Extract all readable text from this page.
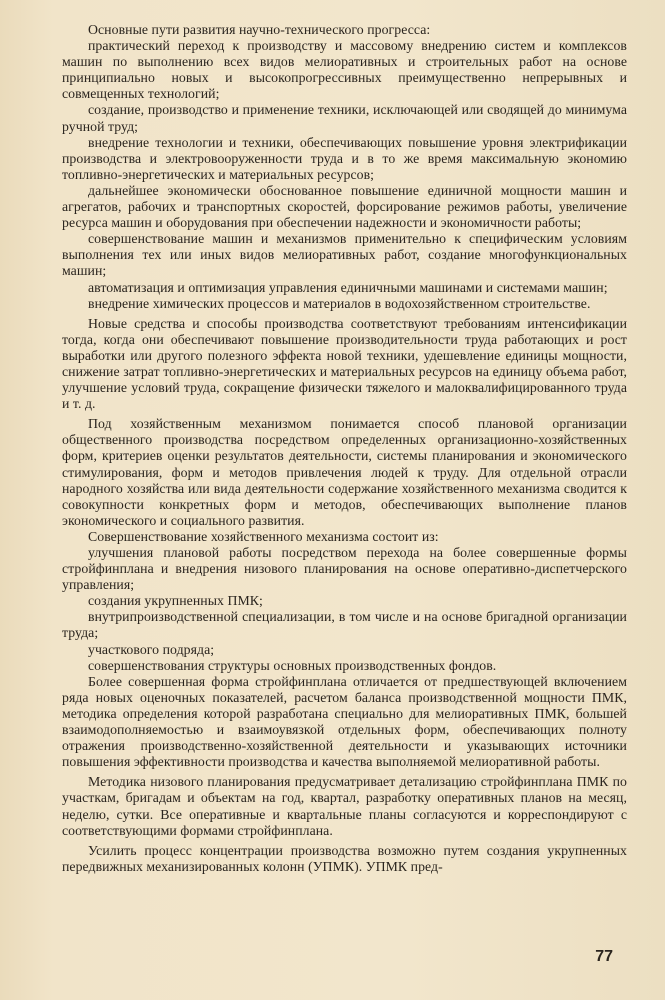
Основные пути развития научно-технического прогресса:

практический переход к производству и массовому внедрению систем и комплексов машин по выполнению всех видов мелиоративных и строительных работ на основе принципиально новых и высокопрогрессивных преимущественно непрерывных и совмещенных технологий;

создание, производство и применение техники, исключающей или сводящей до минимума ручной труд;

внедрение технологии и техники, обеспечивающих повышение уровня электрификации производства и электровооруженности труда и в то же время максимальную экономию топливно-энергетических и материальных ресурсов;

дальнейшее экономически обоснованное повышение единичной мощности машин и агрегатов, рабочих и транспортных скоростей, форсирование режимов работы, увеличение ресурса машин и оборудования при обеспечении надежности и экономичности работы;

совершенствование машин и механизмов применительно к специфическим условиям выполнения тех или иных видов мелиоративных работ, создание многофункциональных машин;

автоматизация и оптимизация управления единичными машинами и системами машин;

внедрение химических процессов и материалов в водохозяйственном строительстве.

Новые средства и способы производства соответствуют требованиям интенсификации тогда, когда они обеспечивают повышение производительности труда работающих и рост выработки или другого полезного эффекта новой техники, удешевление единицы мощности, снижение затрат топливно-энергетических и материальных ресурсов на единицу объема работ, улучшение условий труда, сокращение физически тяжелого и малоквалифицированного труда и т. д.

Под хозяйственным механизмом понимается способ плановой организации общественного производства посредством определенных организационно-хозяйственных форм, критериев оценки результатов деятельности, системы планирования и экономического стимулирования, форм и методов привлечения людей к труду. Для отдельной отрасли народного хозяйства или вида деятельности содержание хозяйственного механизма сводится к совокупности конкретных форм и методов, обеспечивающих выполнение планов экономического и социального развития.

Совершенствование хозяйственного механизма состоит из:

улучшения плановой работы посредством перехода на более совершенные формы стройфинплана и внедрения низового планирования на основе оперативно-диспетчерского управления;

создания укрупненных ПМК;

внутрипроизводственной специализации, в том числе и на основе бригадной организации труда;

участкового подряда;

совершенствования структуры основных производственных фондов.

Более совершенная форма стройфинплана отличается от предшествующей включением ряда новых оценочных показателей, расчетом баланса производственной мощности ПМК, методика определения которой разработана специально для мелиоративных ПМК, большей взаимодополняемостью и взаимоувязкой отдельных форм, обеспечивающих полноту отражения производственно-хозяйственной деятельности и указывающих источники повышения эффективности производства и качества выполняемой мелиоративной работы.

Методика низового планирования предусматривает детализацию стройфинплана ПМК по участкам, бригадам и объектам на год, квартал, разработку оперативных планов на месяц, неделю, сутки. Все оперативные и квартальные планы согласуются и корреспондируют с соответствующими формами стройфинплана.

Усилить процесс концентрации производства возможно путем создания укрупненных передвижных механизированных колонн (УПМК). УПМК пред-

77
